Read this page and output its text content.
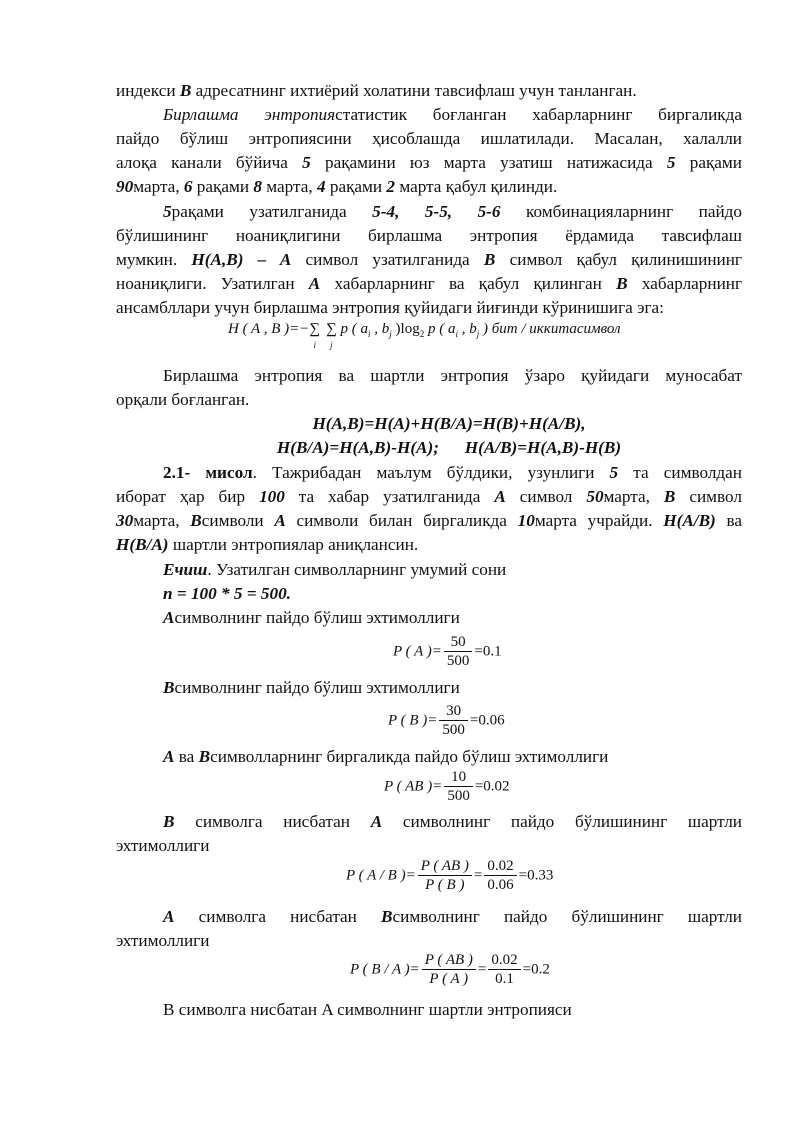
индекси B адресатнинг ихтиёрий холатини тавсифлаш учун танланган.
Бирлашма энтропиястатистик боғланган хабарларнинг биргаликда
пайдо бўлиш энтропиясини ҳисоблашда ишлатилади. Масалан, халалли
алоқа канали бўйича 5 рақамини юз марта узатиш натижасида 5 рақами
90марта, 6 рақами 8 марта, 4 рақами 2 марта қабул қилинди.
5рақами узатилганида 5-4, 5-5, 5-6 комбинацияларнинг пайдо
бўлишининг ноаниқлигини бирлашма энтропия ёрдамида тавсифлаш
мумкин. H(A,B) – A символ узатилганида B символ қабул қилинишининг
ноаниқлиги. Узатилган A хабарларнинг ва қабул қилинган B хабарларнинг
ансамбллари учун бирлашма энтропия қуйидаги йиғинди кўринишига эга:
H ( A , B )=−∑
i
∑
j
p ( $a_i$ , $b_j$ )$\log_2$ p ( $a_i$ , $b_j$ ) бит / иккитасимвол
Бирлашма энтропия ва шартли энтропия ўзаро қуйидаги муносабат
орқали боғланган.
H(A,B)=H(A)+H(B/A)=H(B)+H(A/B),
H(B/A)=H(A,B)-H(A);      H(A/B)=H(A,B)-H(B)
2.1- мисол. Тажрибадан маълум бўлдики, узунлиги 5 та символдан
иборат ҳар бир 100 та хабар узатилганида A символ 50марта, B символ
30марта, Bсимволи A символи билан биргаликда 10марта учрайди. H(A/B) ва
H(B/A) шартли энтропиялар аниқлансин.
Ечиш. Узатилган символларнинг умумий сони
n = 100 * 5 = 500.
Aсимволнинг пайдо бўлиш эхтимоллиги
P ( A )= $\frac{50}{500} =0.1$
Bсимволнинг пайдо бўлиш эхтимоллиги
P ( B )= $\frac{30}{500} =0.06$
A ва Bсимволларнинг биргаликда пайдо бўлиш эхтимоллиги
P ( AB )= $\frac{10}{500} =0.02$
B символга нисбатан A символнинг пайдо бўлишининг шартли
эхтимоллиги
P ( A / B )= $\frac{P ( AB )}{P ( B )} = \frac{0.02}{0.06} =0.33$
A символга нисбатан Bсимволнинг пайдо бўлишининг шартли
эхтимоллиги
P ( B / A )= $\frac{P ( AB )}{P ( A )} = \frac{0.02}{0.1} =0.2$
B символга нисбатан A символнинг шартли энтропияси
